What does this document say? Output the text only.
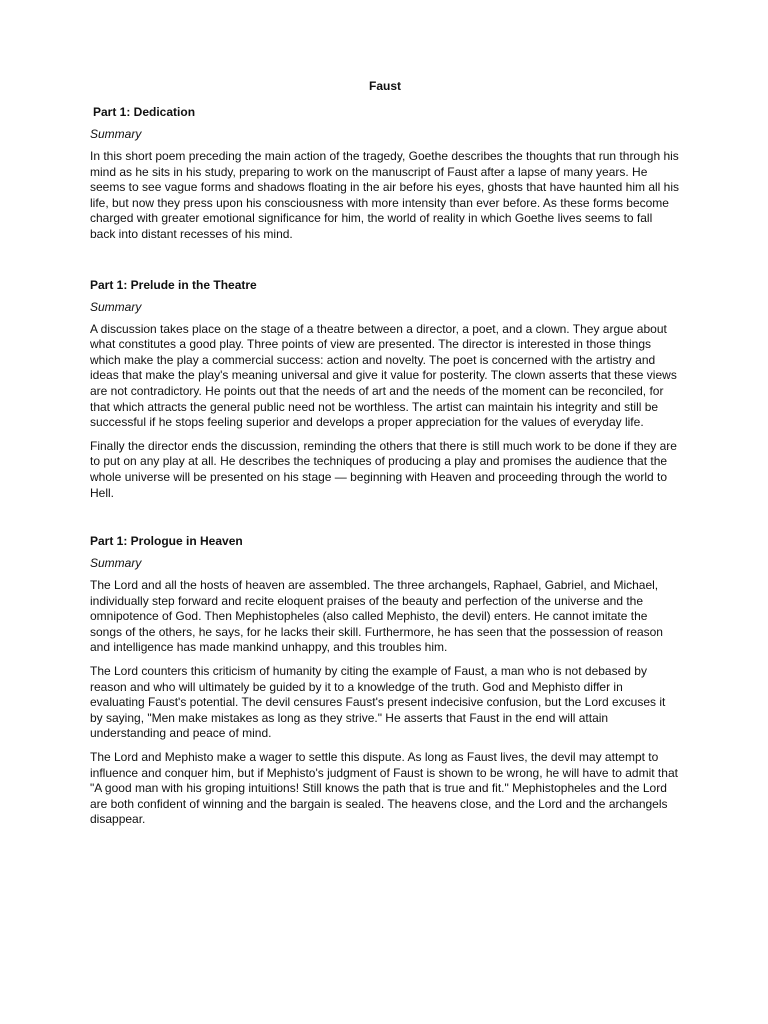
Faust
Part 1: Dedication
Summary

In this short poem preceding the main action of the tragedy, Goethe describes the thoughts that run through his mind as he sits in his study, preparing to work on the manuscript of Faust after a lapse of many years. He seems to see vague forms and shadows floating in the air before his eyes, ghosts that have haunted him all his life, but now they press upon his consciousness with more intensity than ever before. As these forms become charged with greater emotional significance for him, the world of reality in which Goethe lives seems to fall back into distant recesses of his mind.

Part 1: Prelude in the Theatre
Summary

A discussion takes place on the stage of a theatre between a director, a poet, and a clown. They argue about what constitutes a good play. Three points of view are presented. The director is interested in those things which make the play a commercial success: action and novelty. The poet is concerned with the artistry and ideas that make the play's meaning universal and give it value for posterity. The clown asserts that these views are not contradictory. He points out that the needs of art and the needs of the moment can be reconciled, for that which attracts the general public need not be worthless. The artist can maintain his integrity and still be successful if he stops feeling superior and develops a proper appreciation for the values of everyday life.

Finally the director ends the discussion, reminding the others that there is still much work to be done if they are to put on any play at all. He describes the techniques of producing a play and promises the audience that the whole universe will be presented on his stage — beginning with Heaven and proceeding through the world to Hell.

Part 1: Prologue in Heaven
Summary

The Lord and all the hosts of heaven are assembled. The three archangels, Raphael, Gabriel, and Michael, individually step forward and recite eloquent praises of the beauty and perfection of the universe and the omnipotence of God. Then Mephistopheles (also called Mephisto, the devil) enters. He cannot imitate the songs of the others, he says, for he lacks their skill. Furthermore, he has seen that the possession of reason and intelligence has made mankind unhappy, and this troubles him.

The Lord counters this criticism of humanity by citing the example of Faust, a man who is not debased by reason and who will ultimately be guided by it to a knowledge of the truth. God and Mephisto differ in evaluating Faust's potential. The devil censures Faust's present indecisive confusion, but the Lord excuses it by saying, "Men make mistakes as long as they strive." He asserts that Faust in the end will attain understanding and peace of mind.

The Lord and Mephisto make a wager to settle this dispute. As long as Faust lives, the devil may attempt to influence and conquer him, but if Mephisto's judgment of Faust is shown to be wrong, he will have to admit that "A good man with his groping intuitions! Still knows the path that is true and fit." Mephistopheles and the Lord are both confident of winning and the bargain is sealed. The heavens close, and the Lord and the archangels disappear.
